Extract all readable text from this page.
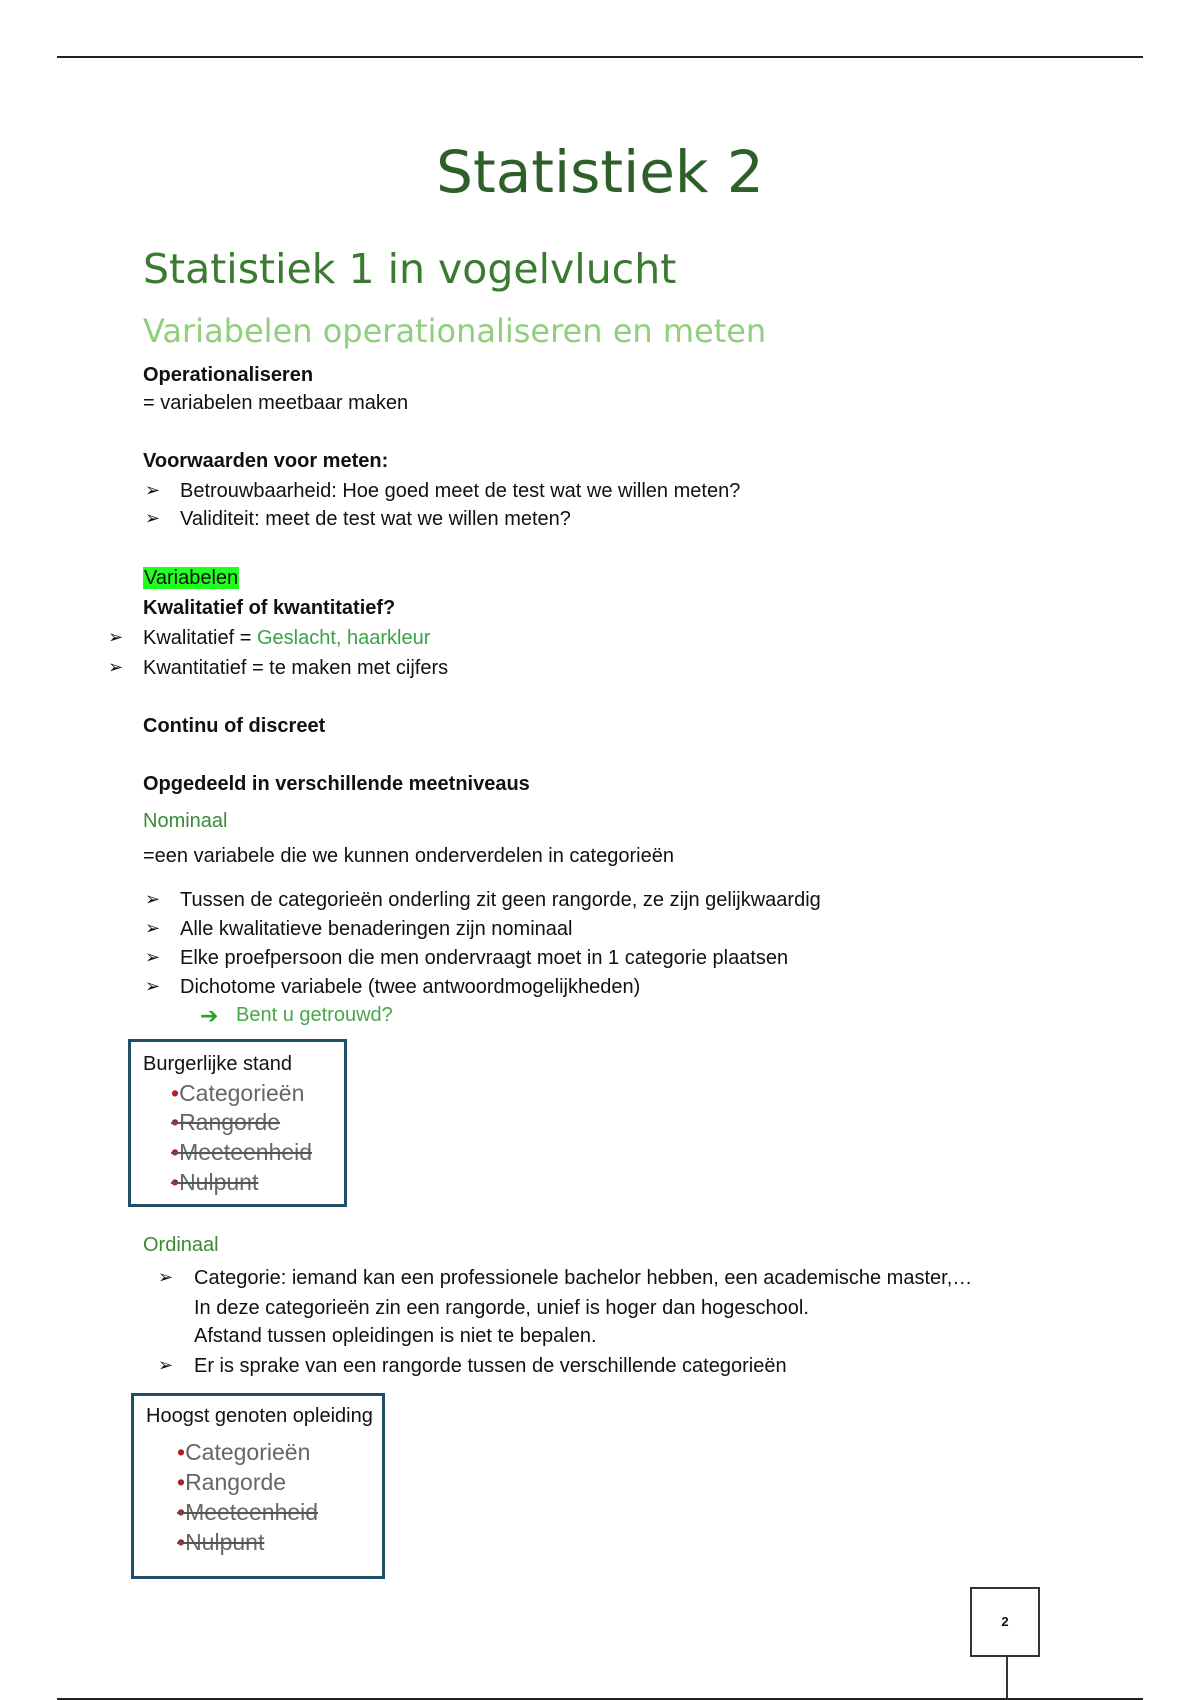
Statistiek 2
Statistiek 1 in vogelvlucht
Variabelen operationaliseren en meten
Operationaliseren
= variabelen meetbaar maken
Voorwaarden voor meten:
➢ Betrouwbaarheid: Hoe goed meet de test wat we willen meten?
➢ Validiteit: meet de test wat we willen meten?
Variabelen
Kwalitatief of kwantitatief?
➢ Kwalitatief = Geslacht, haarkleur
➢ Kwantitatief = te maken met cijfers
Continu of discreet
Opgedeeld in verschillende meetniveaus
Nominaal
=een variabele die we kunnen onderverdelen in categorieën
➢ Tussen de categorieën onderling zit geen rangorde, ze zijn gelijkwaardig
➢ Alle kwalitatieve benaderingen zijn nominaal
➢ Elke proefpersoon die men ondervraagt moet in 1 categorie plaatsen
➢ Dichotome variabele (twee antwoordmogelijkheden)
➔ Bent u getrouwd?
Burgerlijke stand
•Categorieën
•Rangorde
•Meeteenheid
•Nulpunt
Ordinaal
➢ Categorie: iemand kan een professionele bachelor hebben, een academische master,…
In deze categorieën zin een rangorde, unief is hoger dan hogeschool.
Afstand tussen opleidingen is niet te bepalen.
➢ Er is sprake van een rangorde tussen de verschillende categorieën
Hoogst genoten opleiding
•Categorieën
•Rangorde
•Meeteenheid
•Nulpunt
2
